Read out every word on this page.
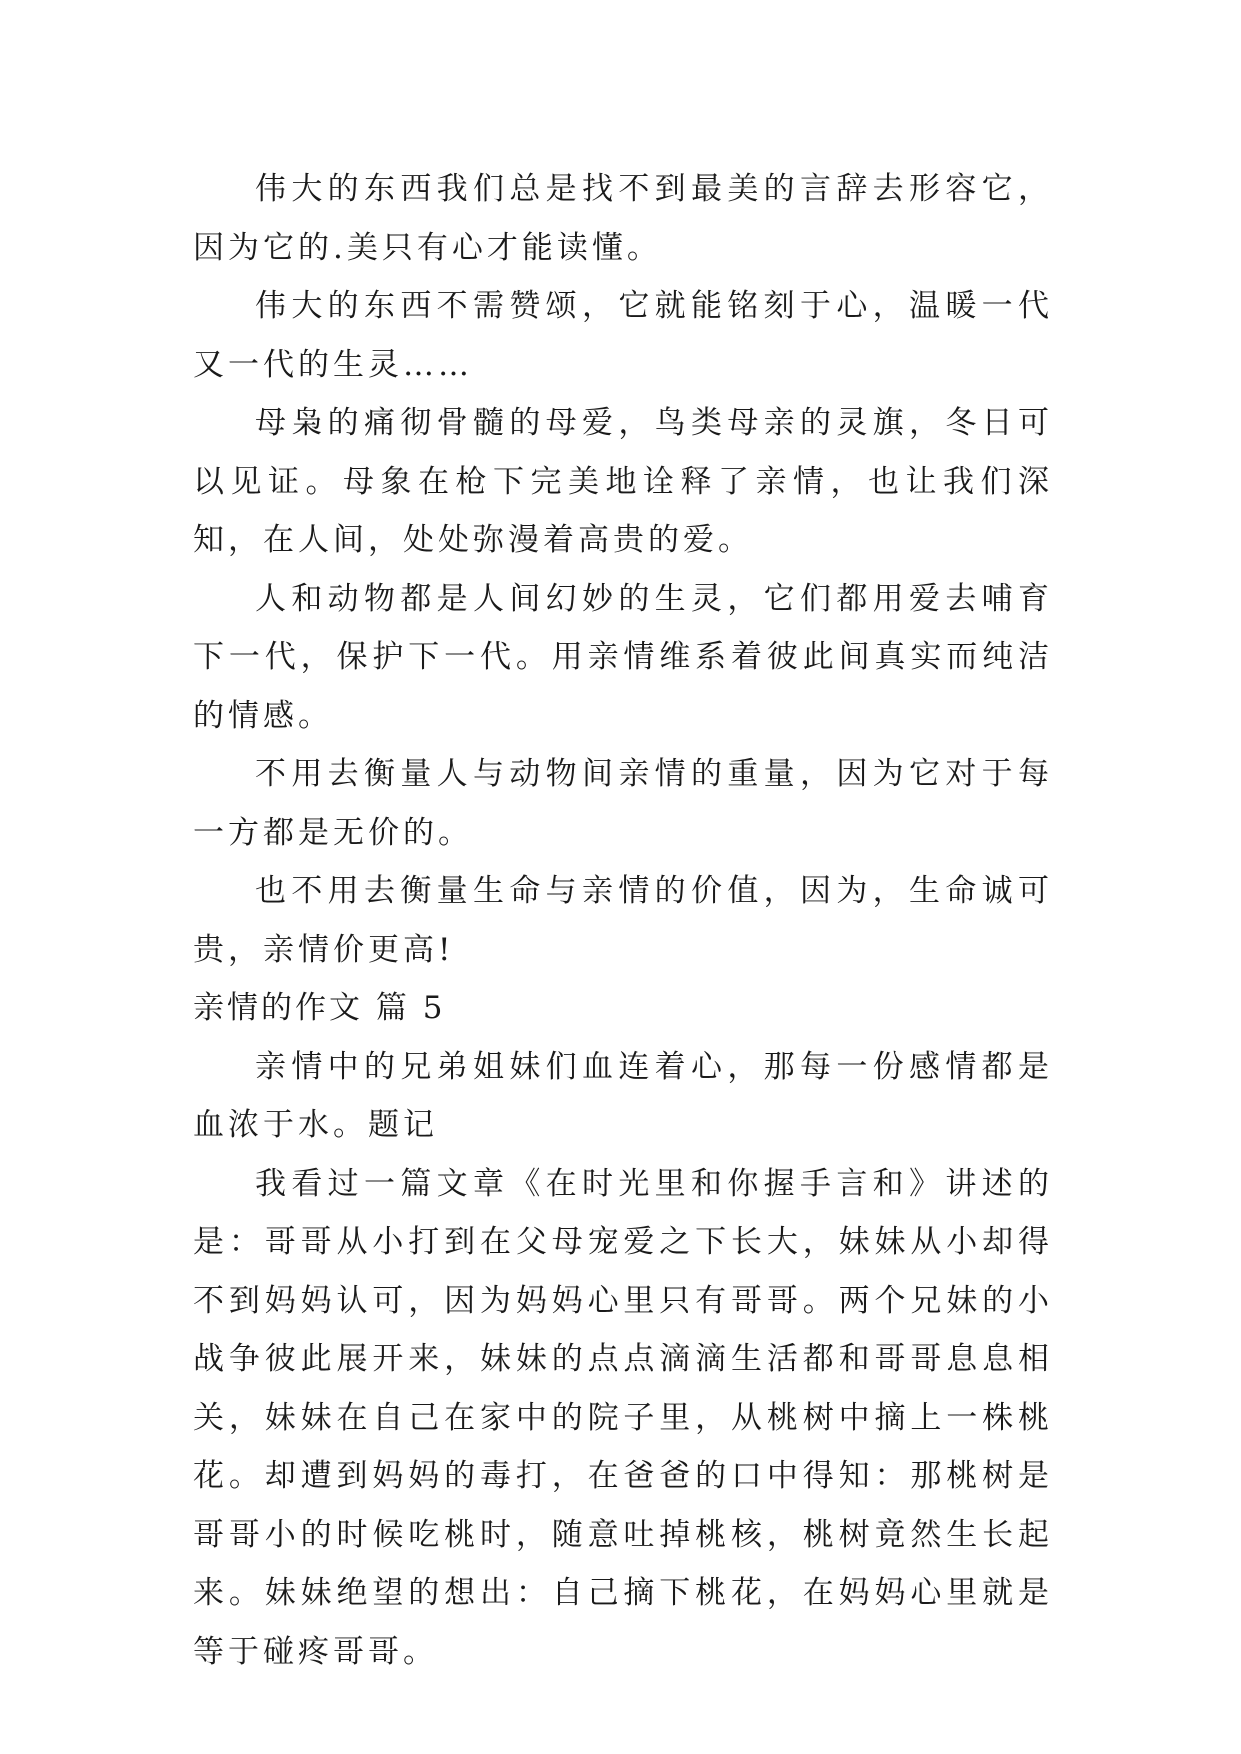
伟大的东西我们总是找不到最美的言辞去形容它，因为它的.美只有心才能读懂。

伟大的东西不需赞颂，它就能铭刻于心，温暖一代又一代的生灵……

母枭的痛彻骨髓的母爱，鸟类母亲的灵旗，冬日可以见证。母象在枪下完美地诠释了亲情，也让我们深知，在人间，处处弥漫着高贵的爱。

人和动物都是人间幻妙的生灵，它们都用爱去哺育下一代，保护下一代。用亲情维系着彼此间真实而纯洁的情感。

不用去衡量人与动物间亲情的重量，因为它对于每一方都是无价的。

也不用去衡量生命与亲情的价值，因为，生命诚可贵，亲情价更高!

亲情的作文 篇 5

亲情中的兄弟姐妹们血连着心，那每一份感情都是血浓于水。题记

我看过一篇文章《在时光里和你握手言和》讲述的是：哥哥从小打到在父母宠爱之下长大，妹妹从小却得不到妈妈认可，因为妈妈心里只有哥哥。两个兄妹的小战争彼此展开来，妹妹的点点滴滴生活都和哥哥息息相关，妹妹在自己在家中的院子里，从桃树中摘上一株桃花。却遭到妈妈的毒打，在爸爸的口中得知：那桃树是哥哥小的时候吃桃时，随意吐掉桃核，桃树竟然生长起来。妹妹绝望的想出：自己摘下桃花，在妈妈心里就是等于碰疼哥哥。
